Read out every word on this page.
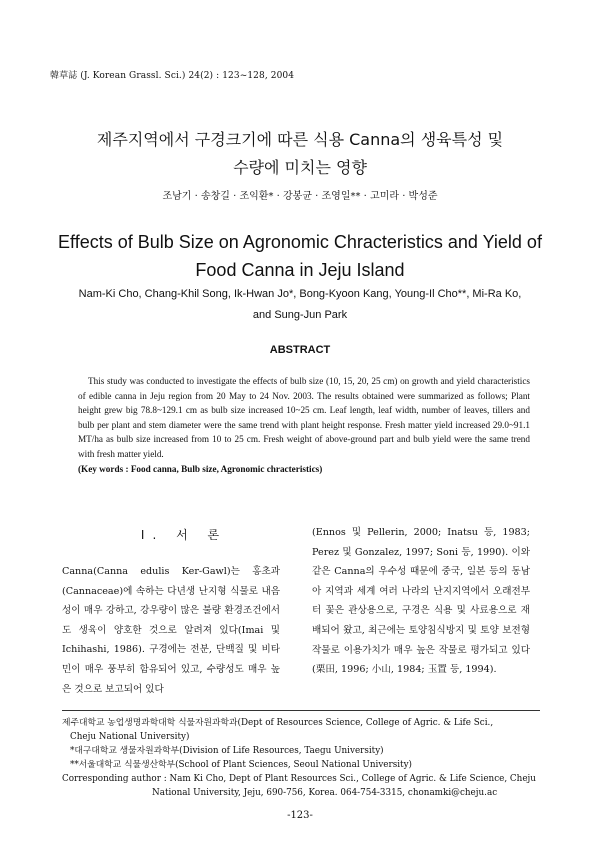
韓草誌 (J. Korean Grassl. Sci.) 24(2) : 123~128, 2004
제주지역에서 구경크기에 따른 식용 Canna의 생육특성 및
수량에 미치는 영향
조남기 · 송창길 · 조익환* · 강봉균 · 조영일** · 고미라 · 박성준
Effects of Bulb Size on Agronomic Chracteristics and Yield of
Food Canna in Jeju Island
Nam-Ki Cho, Chang-Khil Song, Ik-Hwan Jo*, Bong-Kyoon Kang, Young-Il Cho**, Mi-Ra Ko,
and Sung-Jun Park
ABSTRACT

This study was conducted to investigate the effects of bulb size (10, 15, 20, 25 cm) on growth and yield characteristics of edible canna in Jeju region from 20 May to 24 Nov. 2003. The results obtained were summarized as follows; Plant height grew big 78.8~129.1 cm as bulb size increased 10~25 cm. Leaf length, leaf width, number of leaves, tillers and bulb per plant and stem diameter were the same trend with plant height response. Fresh matter yield increased 29.0~91.1 MT/ha as bulb size increased from 10 to 25 cm. Fresh weight of above-ground part and bulb yield were the same trend with fresh matter yield.

(Key words : Food canna, Bulb size, Agronomic chracteristics)

I. 서 론

Canna(Canna edulis Ker-Gawl)는 홍초과(Cannaceae)에 속하는 다년생 난지형 식물로 내음성이 매우 강하고, 강우량이 많은 불량 환경조건에서도 생육이 양호한 것으로 알려져 있다(Imai 및 Ichihashi, 1986). 구경에는 전분, 단백질 및 비타민이 매우 풍부히 함유되어 있고, 수량성도 매우 높은 것으로 보고되어 있다

(Ennos 및 Pellerin, 2000; Inatsu 등, 1983; Perez 및 Gonzalez, 1997; Soni 등, 1990). 이와같은 Canna의 우수성 때문에 중국, 일본 등의 동남아 지역과 세계 여러 나라의 난지지역에서 오래전부터 꽃은 관상용으로, 구경은 식용 및 사료용으로 재배되어 왔고, 최근에는 토양침식방지 및 토양 보전형 작물로 이용가치가 매우 높은 작물로 평가되고 있다(栗田, 1996; 小山, 1984; 玉置 등, 1994).

제주대학교 농업생명과학대학 식물자원과학과(Dept of Resources Science, College of Agric. & Life Sci.,

Cheju National University)

*대구대학교 생물자원과학부(Division of Life Resources, Taegu University)

**서울대학교 식물생산학부(School of Plant Sciences, Seoul National University)

Corresponding author : Nam Ki Cho, Dept of Plant Resources Sci., College of Agric. & Life Science, Cheju

National University, Jeju, 690-756, Korea. 064-754-3315, chonamki@cheju.ac

-123-
